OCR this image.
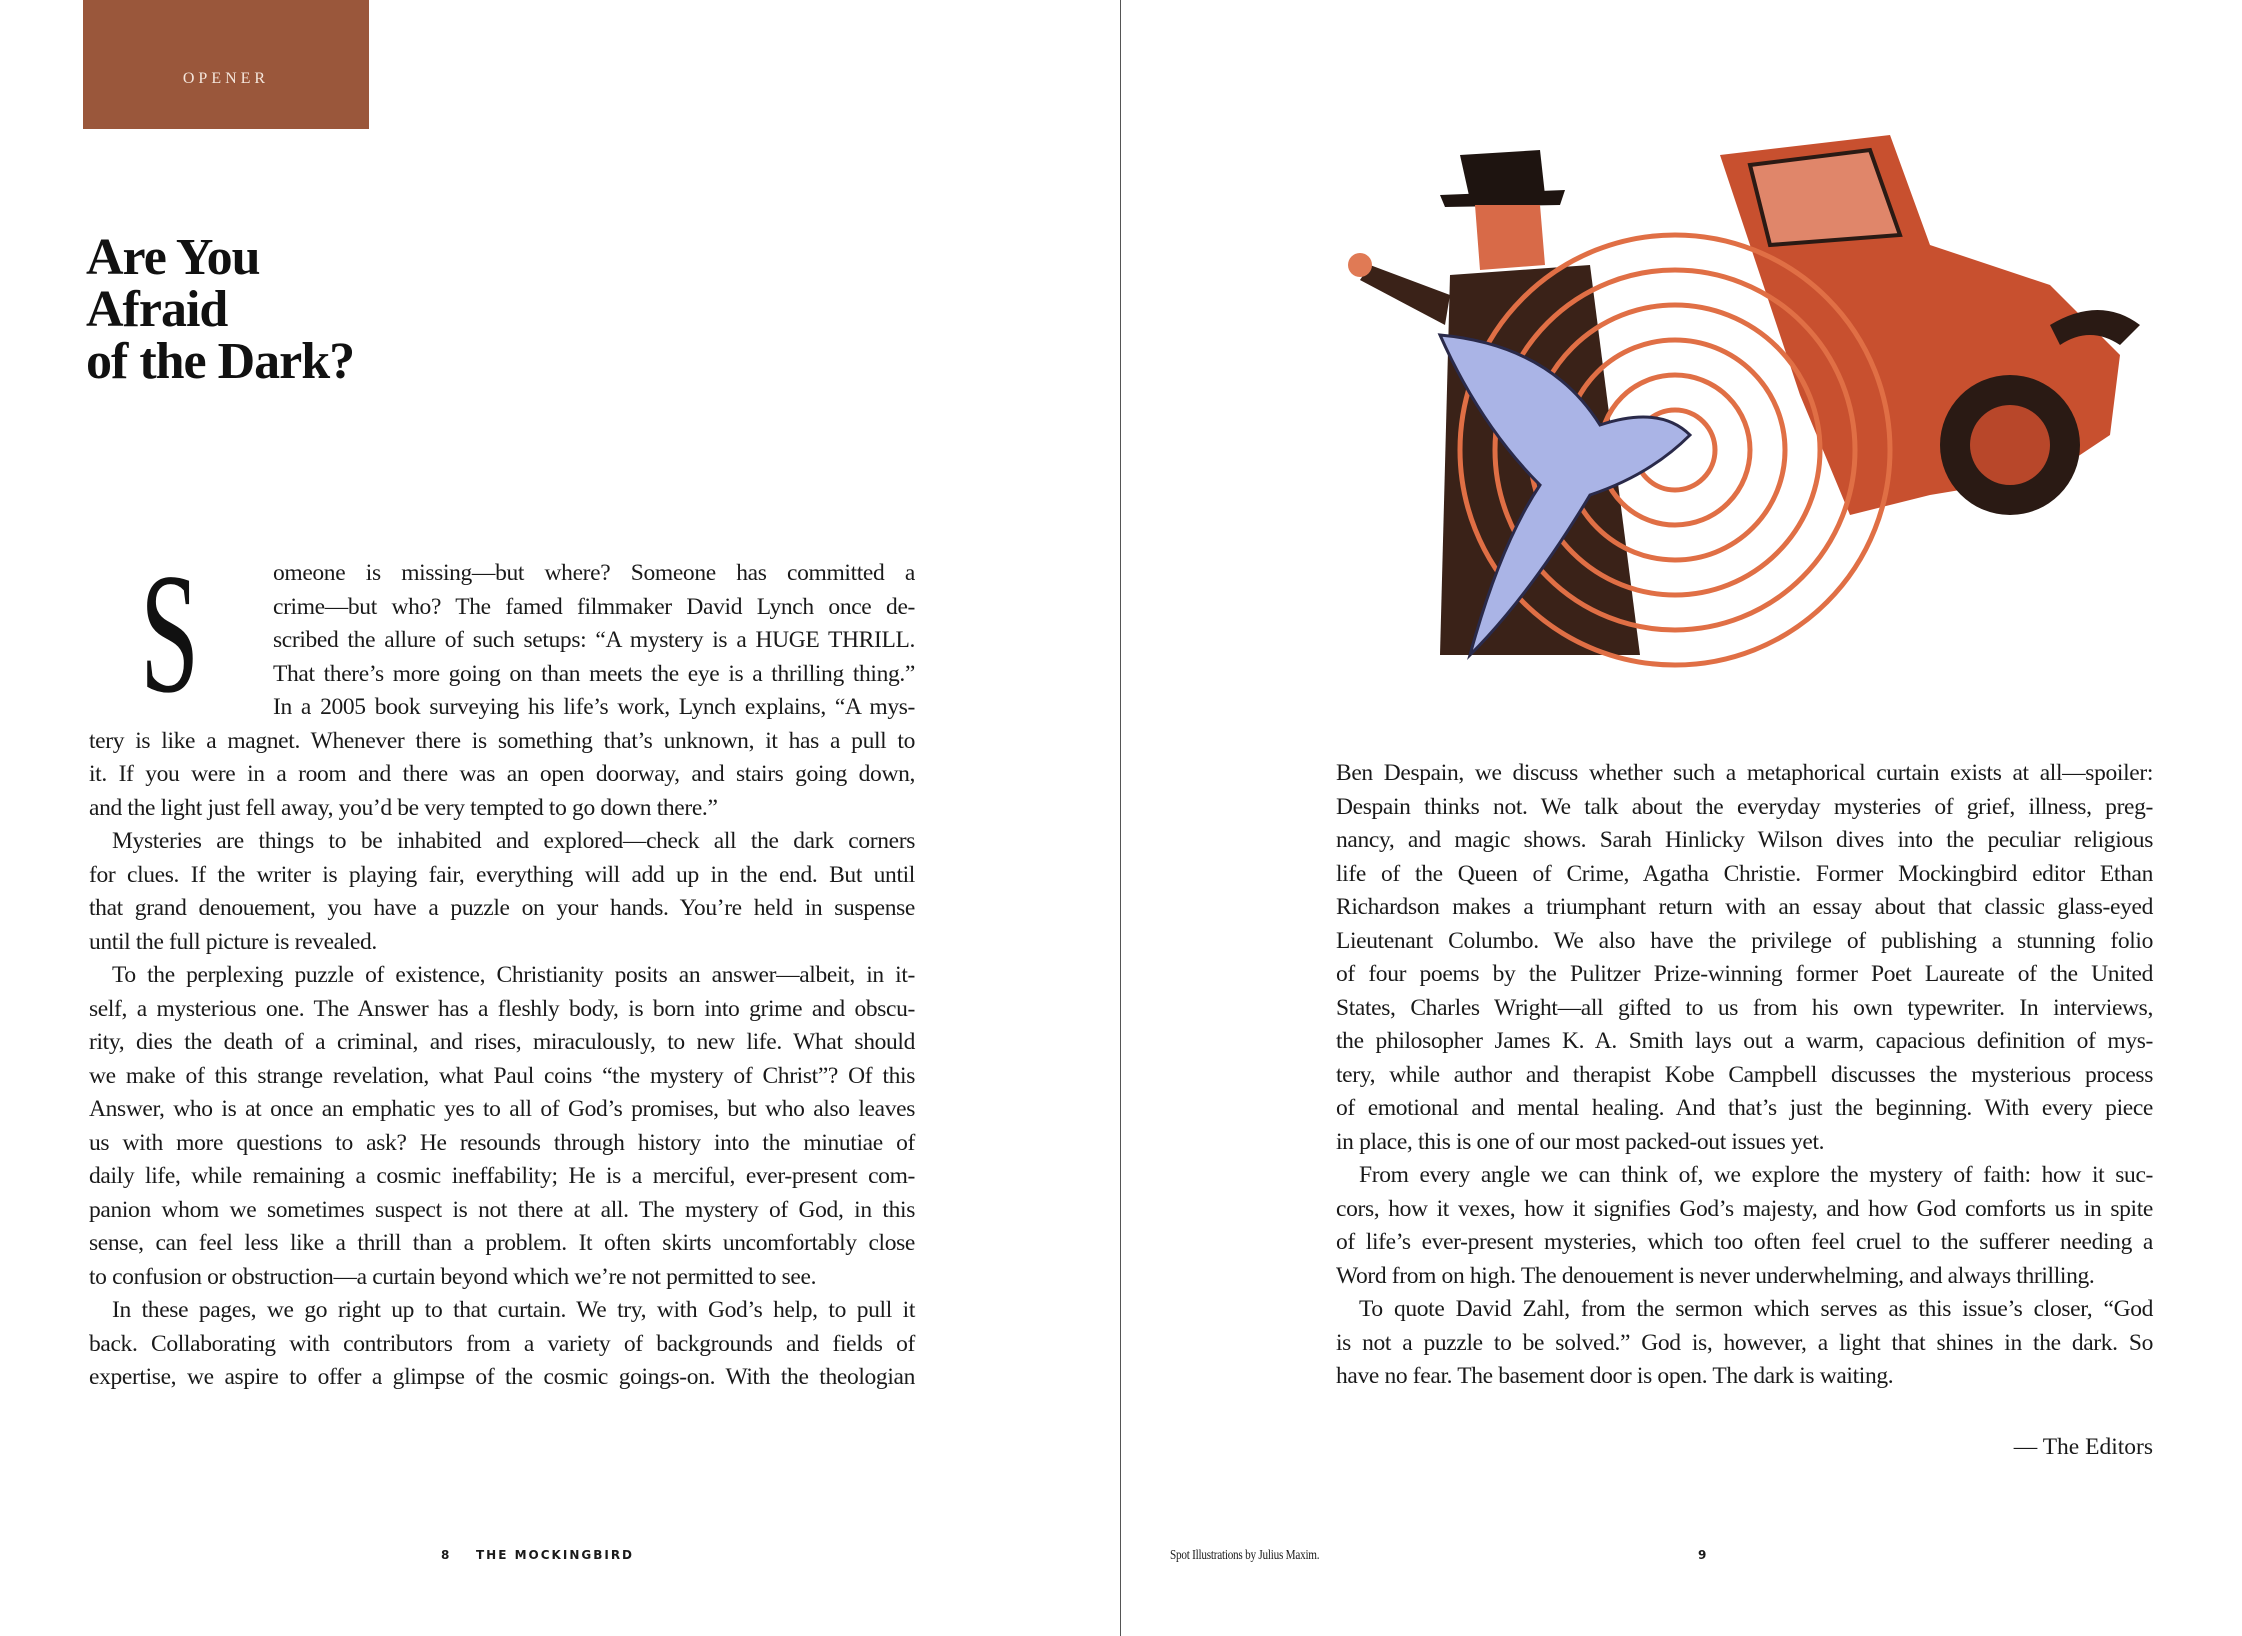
OPENER
Are You
Afraid
of the Dark?
S	omeone is missing—but where? Someone has committed a
crime—but who? The famed filmmaker David Lynch once de-
scribed the allure of such setups: “A mystery is a HUGE THRILL.
That there’s more going on than meets the eye is a thrilling thing.”
In a 2005 book surveying his life’s work, Lynch explains, “A mys-
tery is like a magnet. Whenever there is something that’s unknown, it has a pull to
it. If you were in a room and there was an open doorway, and stairs going down,
and the light just fell away, you’d be very tempted to go down there.”
Mysteries are things to be inhabited and explored—check all the dark corners
for clues. If the writer is playing fair, everything will add up in the end. But until
that grand denouement, you have a puzzle on your hands. You’re held in suspense
until the full picture is revealed.
To the perplexing puzzle of existence, Christianity posits an answer—albeit, in it-
self, a mysterious one. The Answer has a fleshly body, is born into grime and obscu-
rity, dies the death of a criminal, and rises, miraculously, to new life. What should
we make of this strange revelation, what Paul coins “the mystery of Christ”? Of this
Answer, who is at once an emphatic yes to all of God’s promises, but who also leaves
us with more questions to ask? He resounds through history into the minutiae of
daily life, while remaining a cosmic ineffability; He is a merciful, ever-present com-
panion whom we sometimes suspect is not there at all. The mystery of God, in this
sense, can feel less like a thrill than a problem. It often skirts uncomfortably close
to confusion or obstruction—a curtain beyond which we’re not permitted to see.
In these pages, we go right up to that curtain. We try, with God’s help, to pull it
back. Collaborating with contributors from a variety of backgrounds and fields of
expertise, we aspire to offer a glimpse of the cosmic goings-on. With the theologian
Ben Despain, we discuss whether such a metaphorical curtain exists at all—spoiler:
Despain thinks not. We talk about the everyday mysteries of grief, illness, preg-
nancy, and magic shows. Sarah Hinlicky Wilson dives into the peculiar religious
life of the Queen of Crime, Agatha Christie. Former Mockingbird editor Ethan
Richardson makes a triumphant return with an essay about that classic glass-eyed
Lieutenant Columbo. We also have the privilege of publishing a stunning folio
of four poems by the Pulitzer Prize-winning former Poet Laureate of the United
States, Charles Wright—all gifted to us from his own typewriter. In interviews,
the philosopher James K. A. Smith lays out a warm, capacious definition of mys-
tery, while author and therapist Kobe Campbell discusses the mysterious process
of emotional and mental healing. And that’s just the beginning. With every piece
in place, this is one of our most packed-out issues yet.
From every angle we can think of, we explore the mystery of faith: how it suc-
cors, how it vexes, how it signifies God’s majesty, and how God comforts us in spite
of life’s ever-present mysteries, which too often feel cruel to the sufferer needing a
Word from on high. The denouement is never underwhelming, and always thrilling.
To quote David Zahl, from the sermon which serves as this issue’s closer, “God
is not a puzzle to be solved.” God is, however, a light that shines in the dark. So
have no fear. The basement door is open. The dark is waiting.
— The Editors
8 THE MOCKINGBIRD	Spot Illustrations by Julius Maxim.	9
